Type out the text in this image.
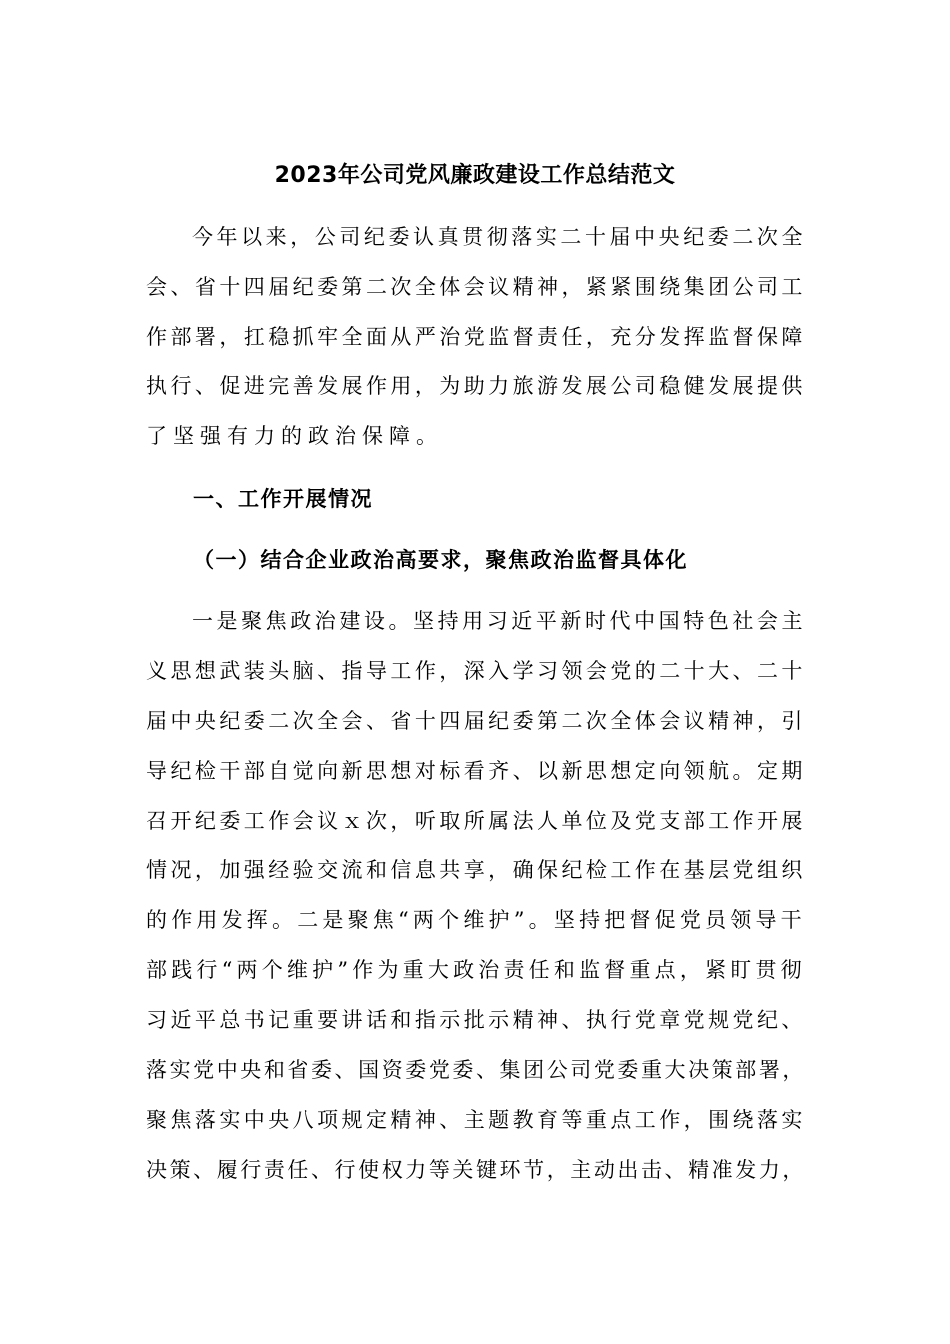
2023年公司党风廉政建设工作总结范文
今年以来，公司纪委认真贯彻落实二十届中央纪委二次全
会、省十四届纪委第二次全体会议精神，紧紧围绕集团公司工
作部署，扛稳抓牢全面从严治党监督责任，充分发挥监督保障
执行、促进完善发展作用，为助力旅游发展公司稳健发展提供
了坚强有力的政治保障。
一、工作开展情况
（一）结合企业政治高要求，聚焦政治监督具体化
一是聚焦政治建设。坚持用习近平新时代中国特色社会主
义思想武装头脑、指导工作，深入学习领会党的二十大、二十
届中央纪委二次全会、省十四届纪委第二次全体会议精神，引
导纪检干部自觉向新思想对标看齐、以新思想定向领航。定期
召开纪委工作会议ｘ次，听取所属法人单位及党支部工作开展
情况，加强经验交流和信息共享，确保纪检工作在基层党组织
的作用发挥。二是聚焦“两个维护”。坚持把督促党员领导干
部践行“两个维护”作为重大政治责任和监督重点，紧盯贯彻
习近平总书记重要讲话和指示批示精神、执行党章党规党纪、
落实党中央和省委、国资委党委、集团公司党委重大决策部署，
聚焦落实中央八项规定精神、主题教育等重点工作，围绕落实
决策、履行责任、行使权力等关键环节，主动出击、精准发力，
